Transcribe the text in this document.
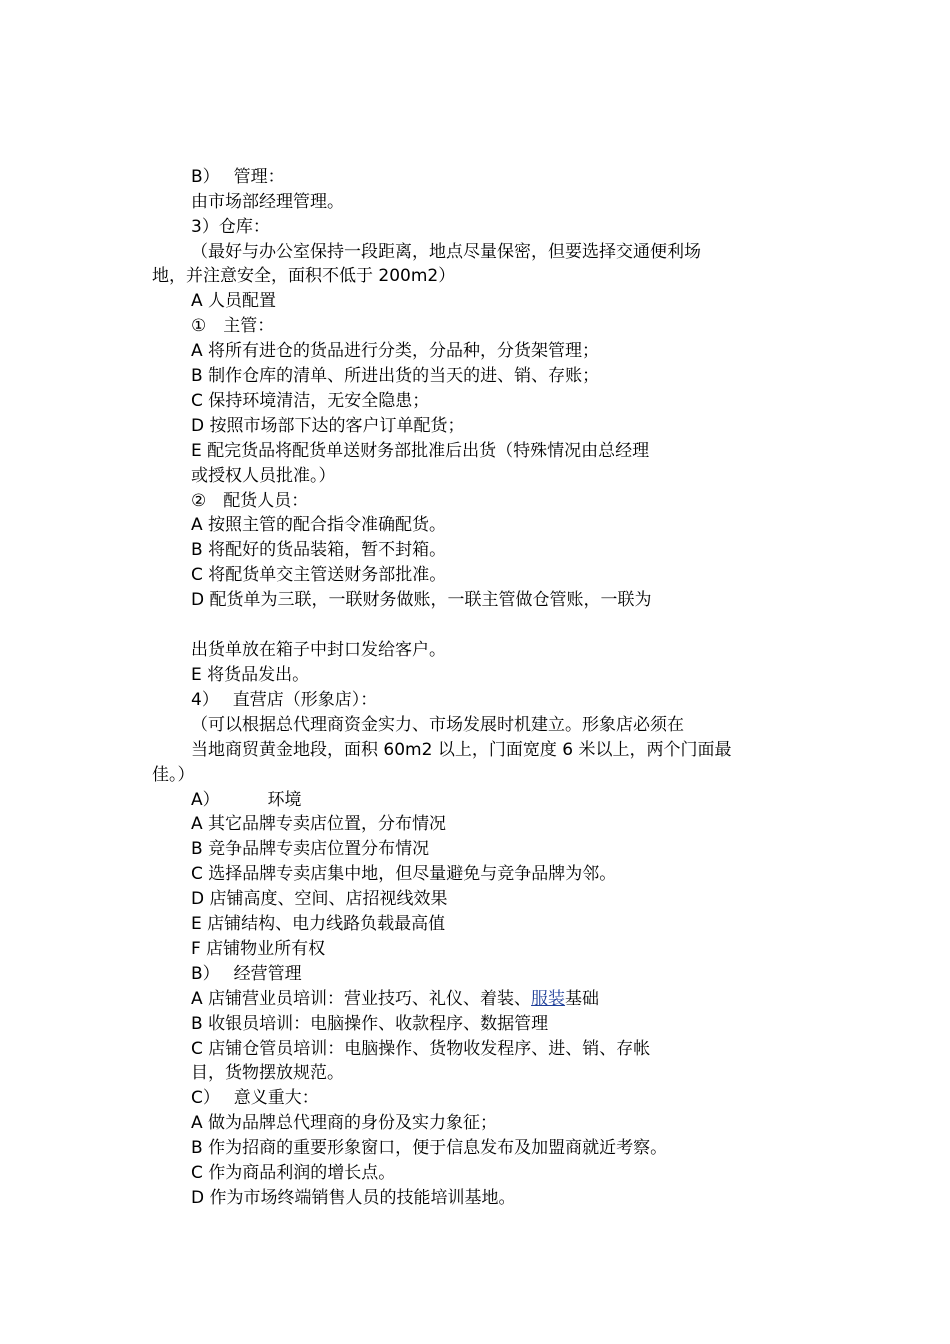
B）　 管理：
由市场部经理管理。
3）仓库：
（最好与办公室保持一段距离，地点尽量保密，但要选择交通便利场
地，并注意安全，面积不低于 200m2）
A 人员配置
①　主管：
A 将所有进仓的货品进行分类，分品种，分货架管理；
B 制作仓库的清单、所进出货的当天的进、销、存账；
C 保持环境清洁，无安全隐患；
D 按照市场部下达的客户订单配货；
E 配完货品将配货单送财务部批准后出货（特殊情况由总经理
或授权人员批准。）
②　配货人员：
A 按照主管的配合指令准确配货。
B 将配好的货品装箱，暂不封箱。
C 将配货单交主管送财务部批准。
D 配货单为三联，一联财务做账，一联主管做仓管账，一联为
出货单放在箱子中封口发给客户。
E 将货品发出。
4）　 直营店（形象店）：
（可以根据总代理商资金实力、市场发展时机建立。形象店必须在
当地商贸黄金地段，面积 60m2 以上，门面宽度 6 米以上，两个门面最
佳。）
A）　　　 环境
A 其它品牌专卖店位置，分布情况
B 竞争品牌专卖店位置分布情况
C 选择品牌专卖店集中地，但尽量避免与竞争品牌为邻。
D 店铺高度、空间、店招视线效果
E 店铺结构、电力线路负载最高值
F 店铺物业所有权
B）　 经营管理
A 店铺营业员培训：营业技巧、礼仪、着装、服装基础
B 收银员培训：电脑操作、收款程序、数据管理
C 店铺仓管员培训：电脑操作、货物收发程序、进、销、存帐
目，货物摆放规范。
C）　 意义重大：
A 做为品牌总代理商的身份及实力象征；
B 作为招商的重要形象窗口，便于信息发布及加盟商就近考察。
C 作为商品利润的增长点。
D 作为市场终端销售人员的技能培训基地。
